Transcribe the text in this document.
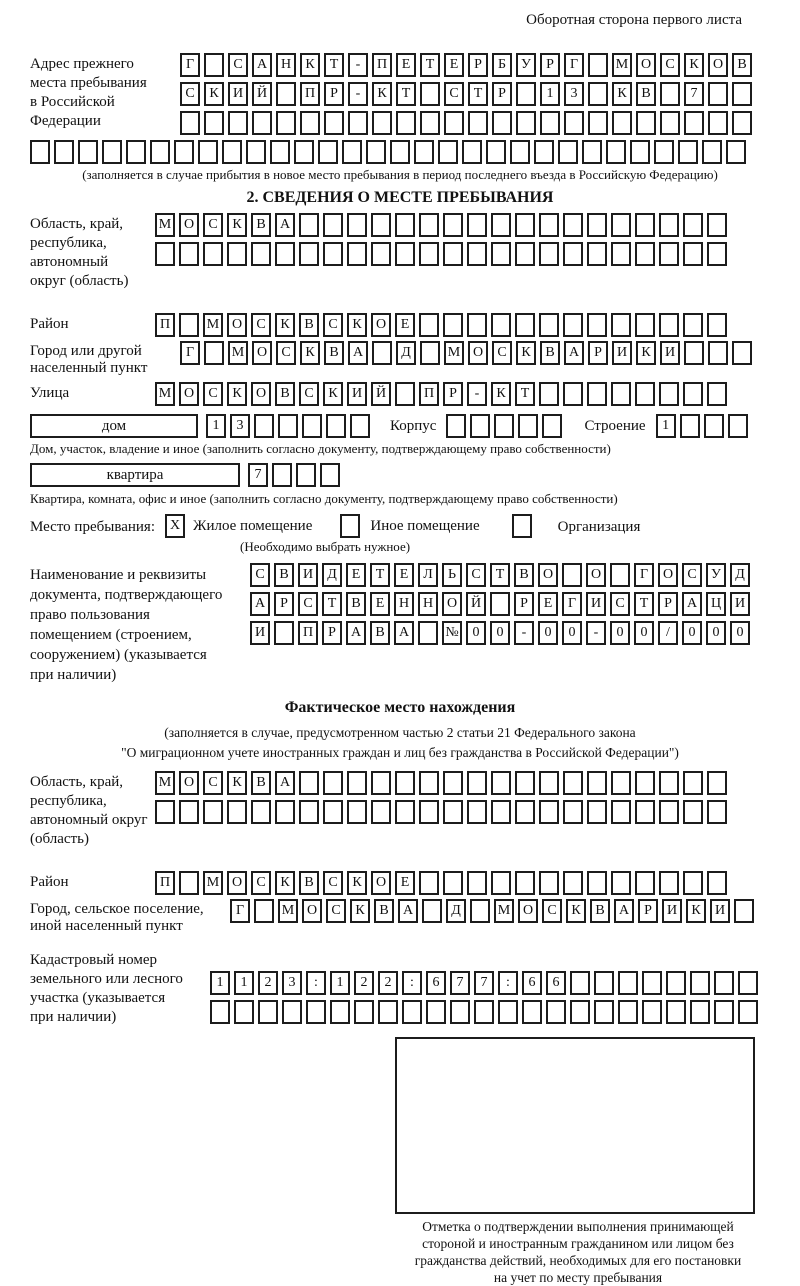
Оборотная сторона первого листа
Адрес прежнего
места пребывания
в Российской
Федерации
Г	С	А Н	К	Т	-	П	Е	Т	Е	Р	Б	У	Р	Г	М О	С	К	О	В
С	К	И Й	П	Р	-	К	Т	С	Т	Р	1	3	К	В	7
(заполняется в случае прибытия в новое место пребывания в период последнего въезда в Российскую Федерацию)
2. СВЕДЕНИЯ О МЕСТЕ ПРЕБЫВАНИЯ
Область, край,
республика,
автономный
округ (область)
М О	С	К	В	А
Район	П	М О	С	К	В	С	К	О	Е
Город или другой
населенный пункт
Г	М О	С	К	В	А	Д	М О	С	К	В	А	Р	И	К	И
Улица	М О	С	К	О	В	С	К	И Й	П	Р	-	К	Т
дом	1	3	Корпус	Строение	1
Дом, участок, владение и иное (заполнить согласно документу, подтверждающему право собственности)
квартира	7
Квартира, комната, офис и иное (заполнить согласно документу, подтверждающему право собственности)
Место пребывания:	X Жилое помещение	Иное помещение	Организация
(Необходимо выбрать нужное)
Наименование и реквизиты
документа, подтверждающего
право пользования
помещением (строением,
сооружением) (указывается
при наличии)
С	В	И	Д	Е	Т	Е	Л	Ь	С	Т	В	О	О	Г	О	С	У	Д
А	Р	С	Т	В	Е	Н Н О Й	Р	Е	Г	И	С	Т	Р	А Ц И
И	П	Р	А	В	А	№ 0	0	-	0	0	-	0	0	/	0	0	0
Фактическое место нахождения
(заполняется в случае, предусмотренном частью 2 статьи 21 Федерального закона
"О миграционном учете иностранных граждан и лиц без гражданства в Российской Федерации")
Область, край,
республика,
автономный округ
(область)
М О	С	К	В	А
Район	П	М О	С	К	В	С	К	О	Е
Город, сельское поселение,
иной населенный пункт
Г	М О	С	К	В	А	Д	М О	С	К	В	А	Р	И	К	И
Кадастровый номер
земельного или лесного
участка (указывается
при наличии)
1	1	2	3	:	1	2	2	:	6	7	7	:	6	6
Отметка о подтверждении выполнения принимающей
стороной и иностранным гражданином или лицом без
гражданства действий, необходимых для его постановки
на учет по месту пребывания
